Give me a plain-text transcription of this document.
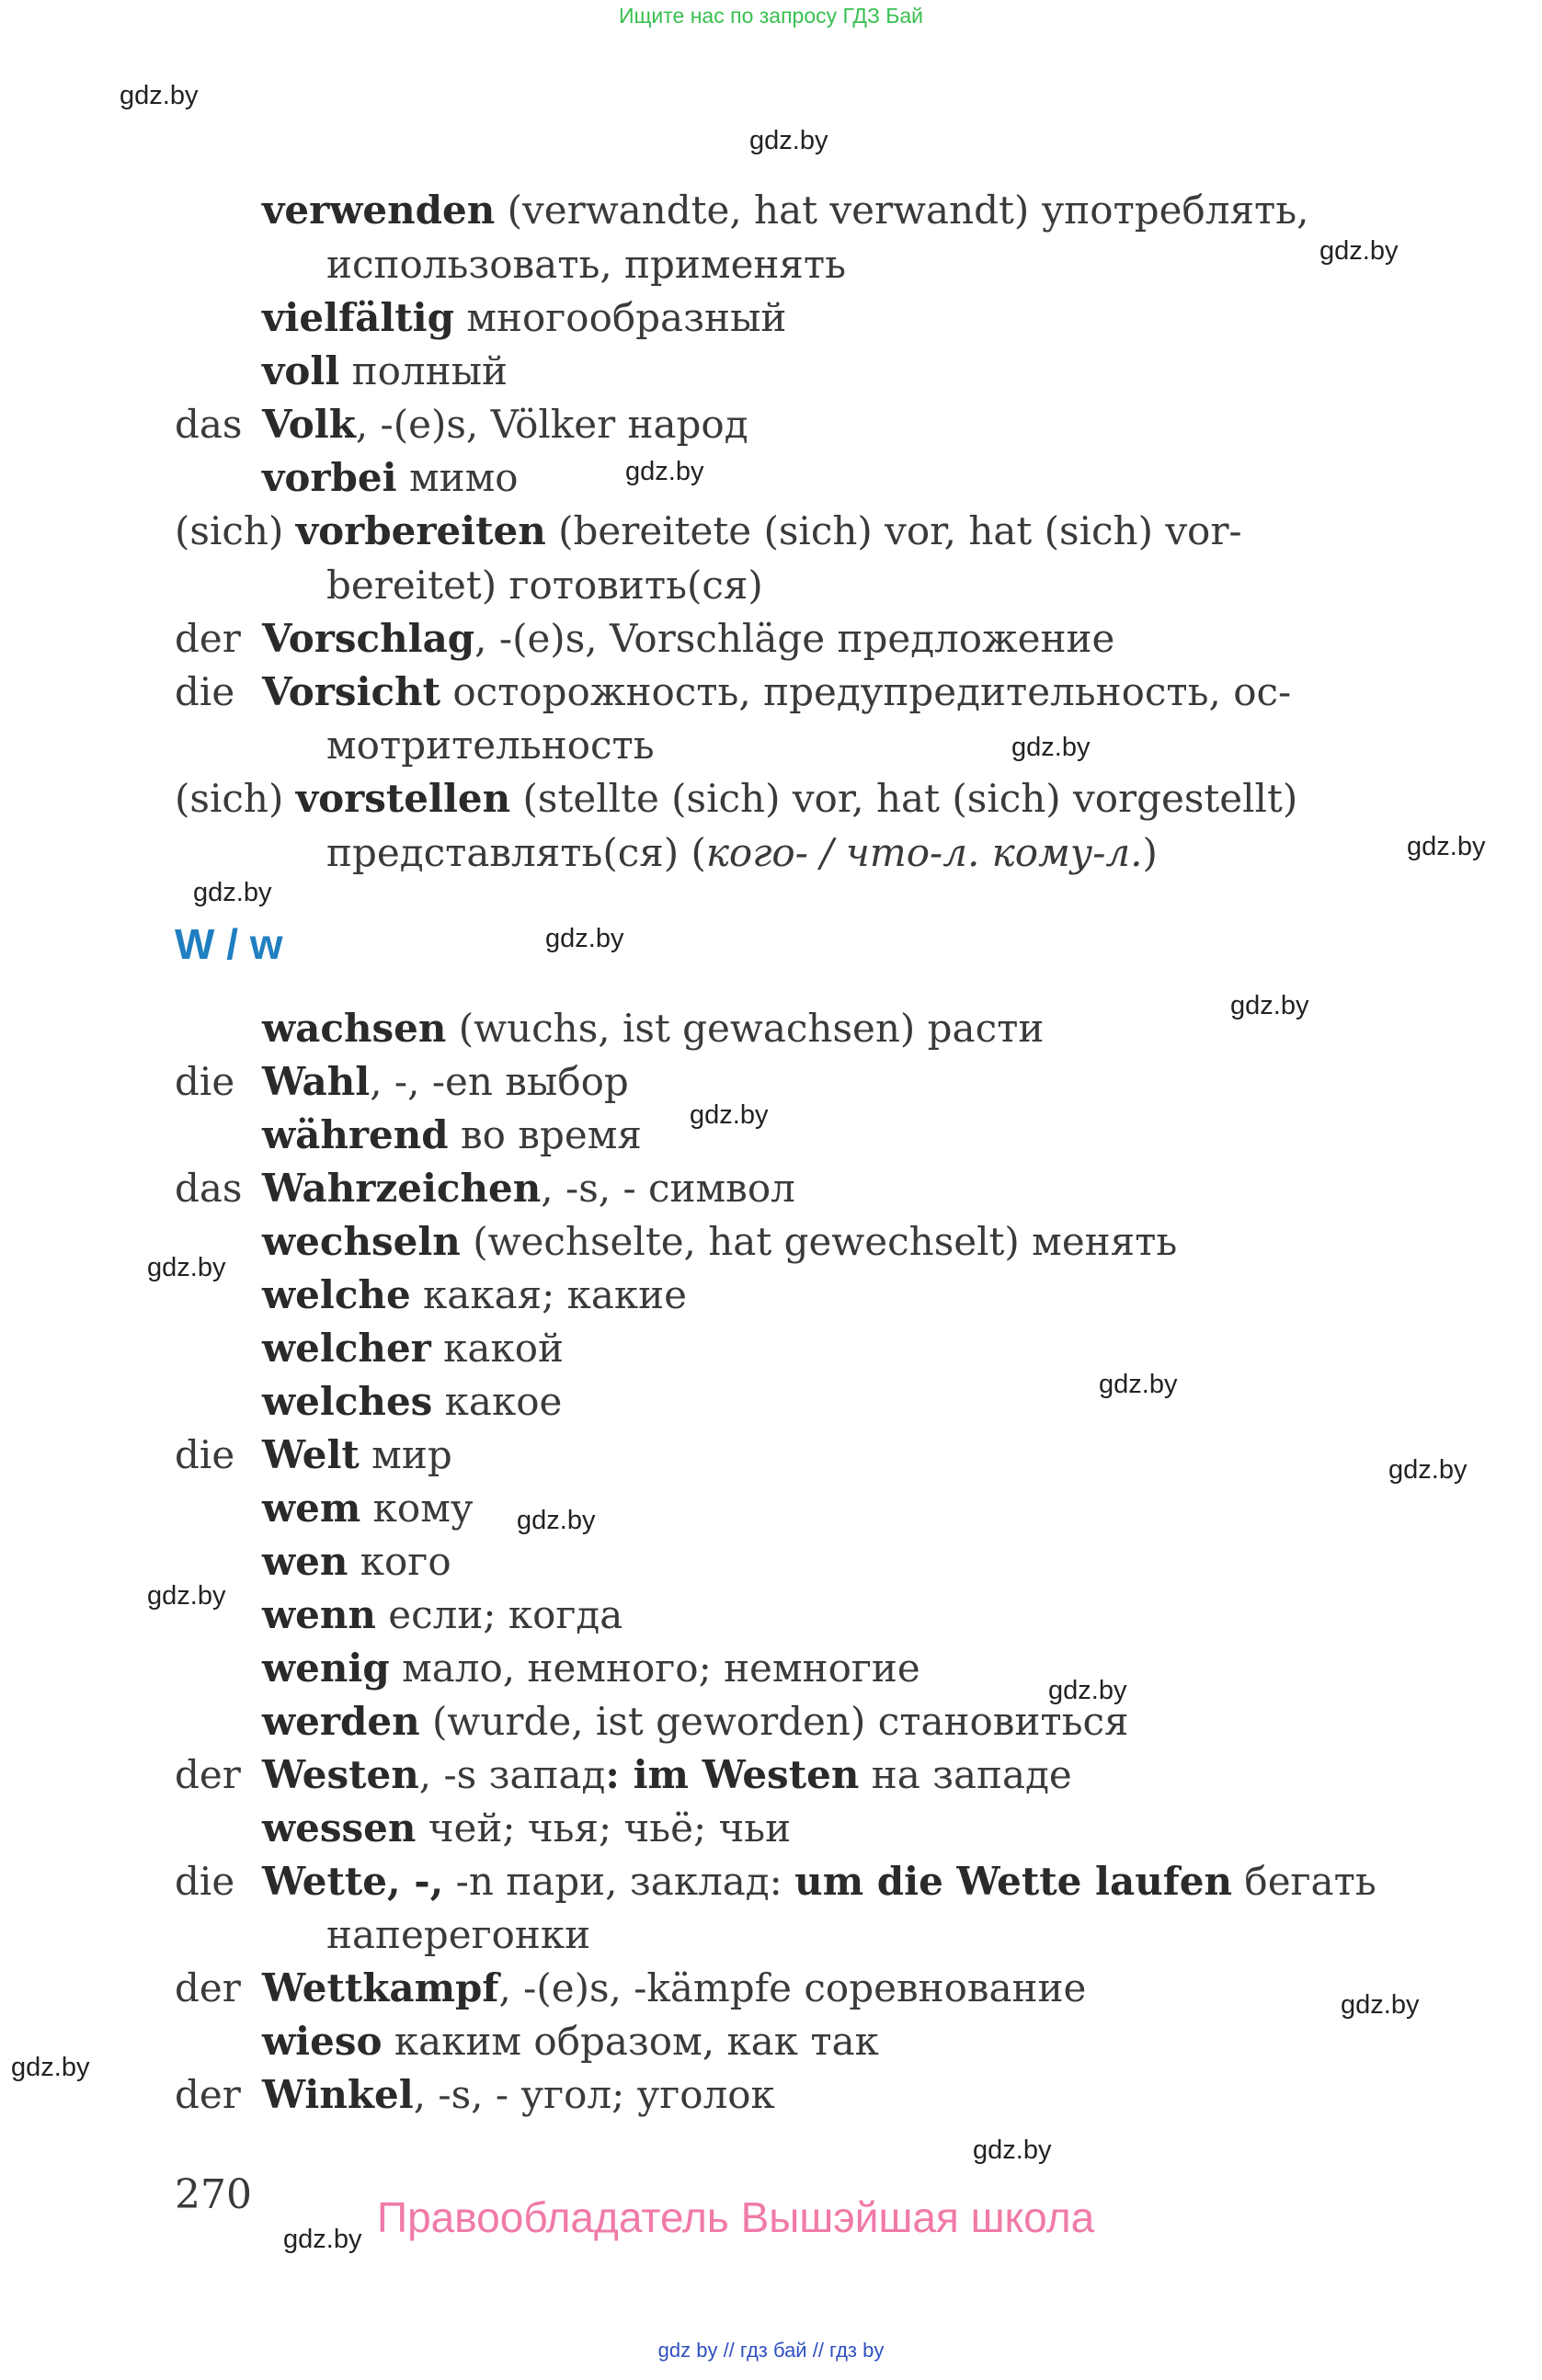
Ищите нас по запросу ГДЗ Бай
gdz.by
gdz.by
gdz.by
gdz.by
gdz.by
gdz.by
gdz.by
gdz.by
gdz.by
gdz.by
gdz.by
gdz.by
gdz.by
gdz.by
gdz.by
gdz.by
gdz.by
gdz.by
gdz.by
gdz.by
verwenden (verwandte, hat verwandt) употреблять,
использовать, применять
vielfältig многообразный
voll полный
das Volk, -(e)s, Völker народ
vorbei мимо
(sich) vorbereiten (bereitete (sich) vor, hat (sich) vor-
bereitet) готовить(ся)
der Vorschlag, -(e)s, Vorschläge предложение
die Vorsicht осторожность, предупредительность, ос-
мотрительность
(sich) vorstellen (stellte (sich) vor, hat (sich) vorgestellt)
представлять(ся) (кого- / что-л. кому-л.)
W / w
wachsen (wuchs, ist gewachsen) расти
die Wahl, -, -en выбор
während во время
das Wahrzeichen, -s, - символ
wechseln (wechselte, hat gewechselt) менять
welche какая; какие
welcher какой
welches какое
die Welt мир
wem кому
wen кого
wenn если; когда
wenig мало, немного; немногие
werden (wurde, ist geworden) становиться
der Westen, -s запад: im Westen на западе
wessen чей; чья; чьё; чьи
die Wette, -, -n пари, заклад: um die Wette laufen бегать
наперегонки
der Wettkampf, -(e)s, -kämpfe соревнование
wieso каким образом, как так
der Winkel, -s, - угол; уголок
270	Правообладатель Вышэйшая школа
gdz by // гдз бай // гдз by
